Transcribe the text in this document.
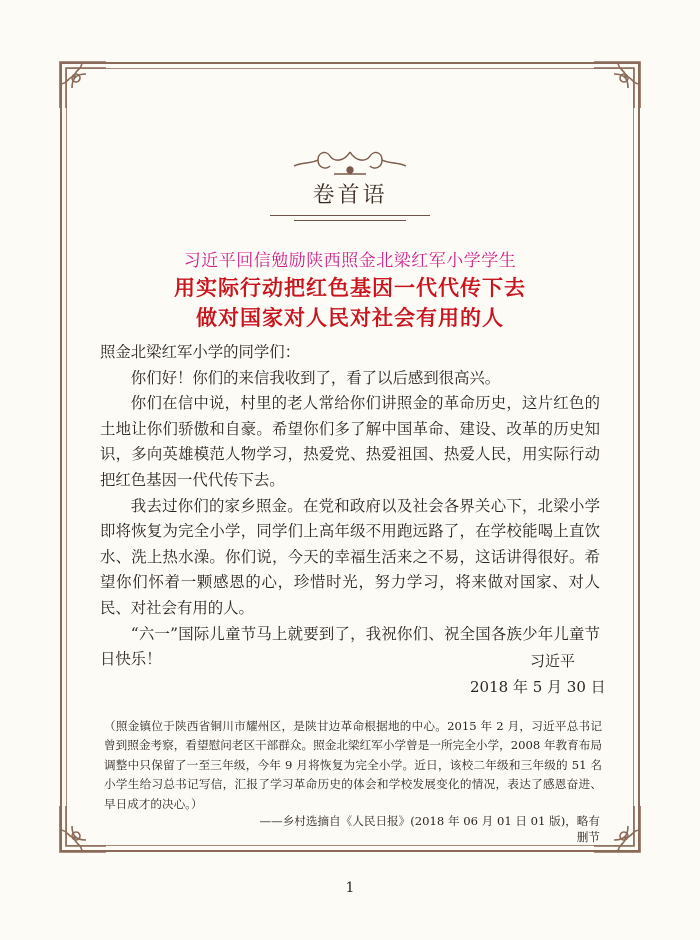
卷首语
习近平回信勉励陕西照金北梁红军小学学生
用实际行动把红色基因一代代传下去
做对国家对人民对社会有用的人

照金北梁红军小学的同学们：

你们好！你们的来信我收到了，看了以后感到很高兴。

你们在信中说，村里的老人常给你们讲照金的革命历史，这片红色的土地让你们骄傲和自豪。希望你们多了解中国革命、建设、改革的历史知识，多向英雄模范人物学习，热爱党、热爱祖国、热爱人民，用实际行动把红色基因一代代传下去。

我去过你们的家乡照金。在党和政府以及社会各界关心下，北梁小学即将恢复为完全小学，同学们上高年级不用跑远路了，在学校能喝上直饮水、洗上热水澡。你们说，今天的幸福生活来之不易，这话讲得很好。希望你们怀着一颗感恩的心，珍惜时光，努力学习，将来做对国家、对人民、对社会有用的人。

“六一”国际儿童节马上就要到了，我祝你们、祝全国各族少年儿童节日快乐！	习近平
2018 年 5 月 30 日
（照金镇位于陕西省铜川市耀州区，是陕甘边革命根据地的中心。2015 年 2 月，习近平总书记曾到照金考察，看望慰问老区干部群众。照金北梁红军小学曾是一所完全小学，2008 年教育布局调整中只保留了一至三年级，今年 9 月将恢复为完全小学。近日，该校二年级和三年级的 51 名小学生给习总书记写信，汇报了学习革命历史的体会和学校发展变化的情况，表达了感恩奋进、早日成才的决心。）
——乡村选摘自《人民日报》(2018 年 06 月 01 日 01 版)，略有删节
1
